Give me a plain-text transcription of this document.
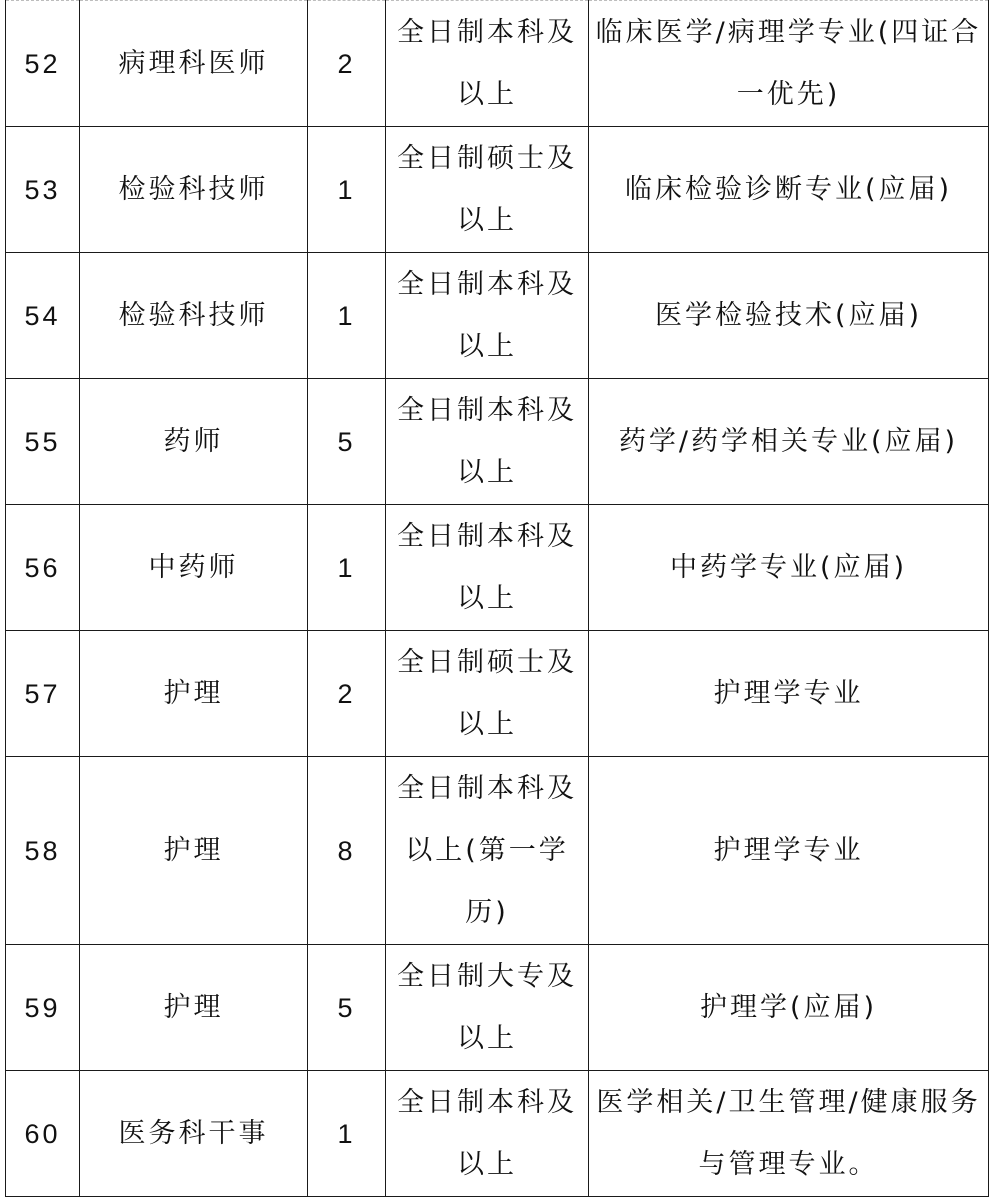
52	病理科医师	2	全日制本科及以上	临床医学/病理学专业(四证合一优先)
53	检验科技师	1	全日制硕士及以上	临床检验诊断专业(应届)
54	检验科技师	1	全日制本科及以上	医学检验技术(应届)
55	药师	5	全日制本科及以上	药学/药学相关专业(应届)
56	中药师	1	全日制本科及以上	中药学专业(应届)
57	护理	2	全日制硕士及以上	护理学专业
58	护理	8	全日制本科及以上(第一学历)	护理学专业
59	护理	5	全日制大专及以上	护理学(应届)
60	医务科干事	1	全日制本科及以上	医学相关/卫生管理/健康服务与管理专业。
